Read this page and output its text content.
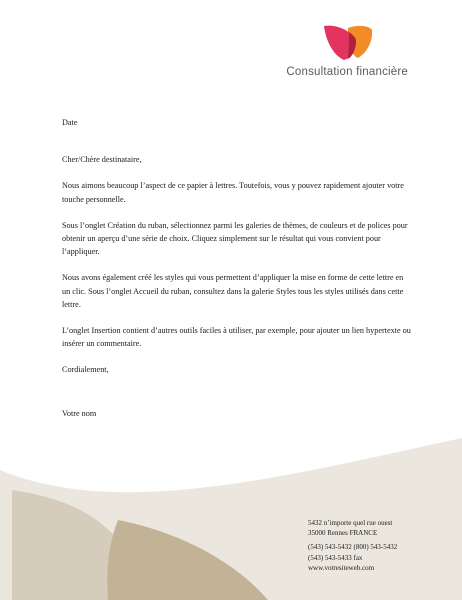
Consultation financière

Date

Cher/Chère destinataire,

Nous aimons beaucoup l’aspect de ce papier à lettres. Toutefois, vous y pouvez rapidement ajouter votre touche personnelle.

Sous l’onglet Création du ruban, sélectionnez parmi les galeries de thèmes, de couleurs et de polices pour obtenir un aperçu d’une série de choix. Cliquez simplement sur le résultat qui vous convient pour l’appliquer.

Nous avons également créé les styles qui vous permettent d’appliquer la mise en forme de cette lettre en un clic. Sous l’onglet Accueil du ruban, consultez dans la galerie Styles tous les styles utilisés dans cette lettre.

L’onglet Insertion contient d’autres outils faciles à utiliser, par exemple, pour ajouter un lien hypertexte ou insérer un commentaire.

Cordialement,

Votre nom

5432 n’importe quel rue ouest
35000 Rennes FRANCE
(543) 543-5432 (800) 543-5432
(543) 543-5433 fax
www.votresiteweb.com
